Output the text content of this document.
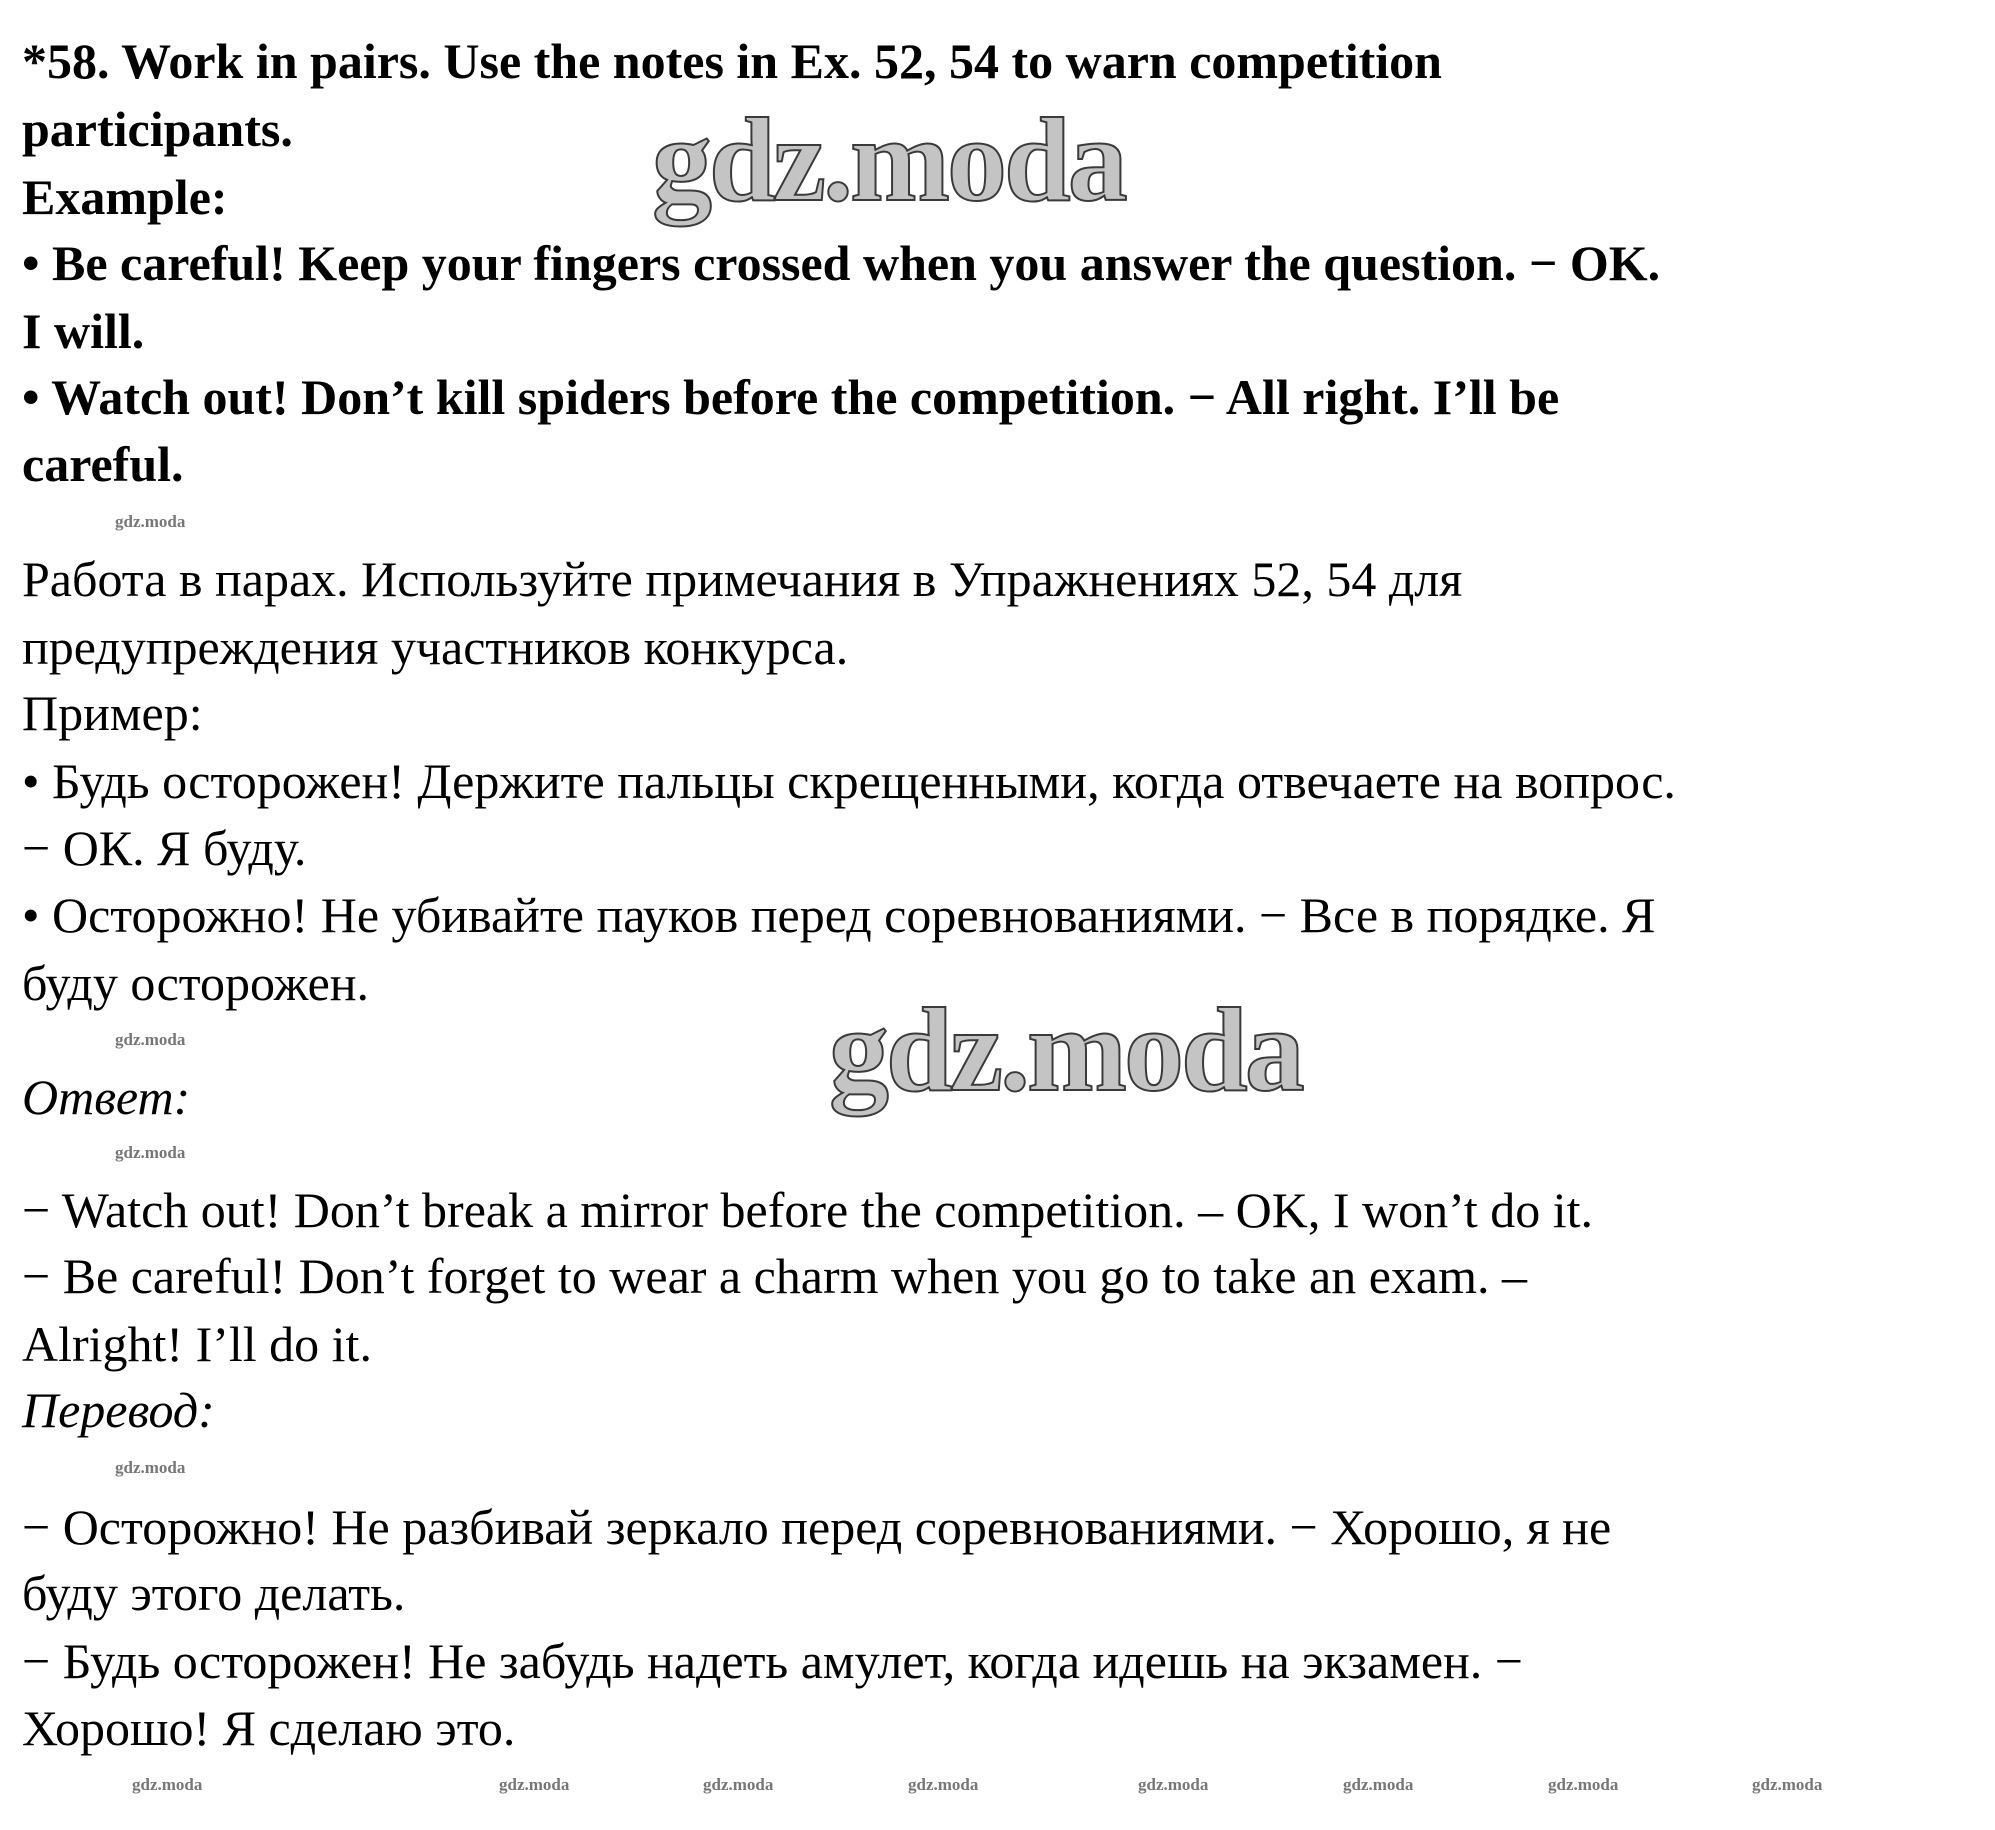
*58. Work in pairs. Use the notes in Ex. 52, 54 to warn competition
participants.
Example:
• Be careful! Keep your fingers crossed when you answer the question. − OK.
I will.
• Watch out! Don’t kill spiders before the competition. − All right. I’ll be
careful.
Работа в парах. Используйте примечания в Упражнениях 52, 54 для
предупреждения участников конкурса.
Пример:
• Будь осторожен! Держите пальцы скрещенными, когда отвечаете на вопрос.
− ОК. Я буду.
• Осторожно! Не убивайте пауков перед соревнованиями. − Все в порядке. Я
буду осторожен.
Ответ:
− Watch out! Don’t break a mirror before the competition. – OK, I won’t do it.
− Be careful! Don’t forget to wear a charm when you go to take an exam. –
Alright! I’ll do it.
Перевод:
− Осторожно! Не разбивай зеркало перед соревнованиями. − Хорошо, я не
буду этого делать.
− Будь осторожен! Не забудь надеть амулет, когда идешь на экзамен. −
Хорошо! Я сделаю это.
gdz.moda
gdz.moda
gdz.moda
gdz.moda
gdz.moda
gdz.moda
gdz.moda	gdz.moda	gdz.moda	gdz.moda	gdz.moda	gdz.moda	gdz.moda	gdz.moda
